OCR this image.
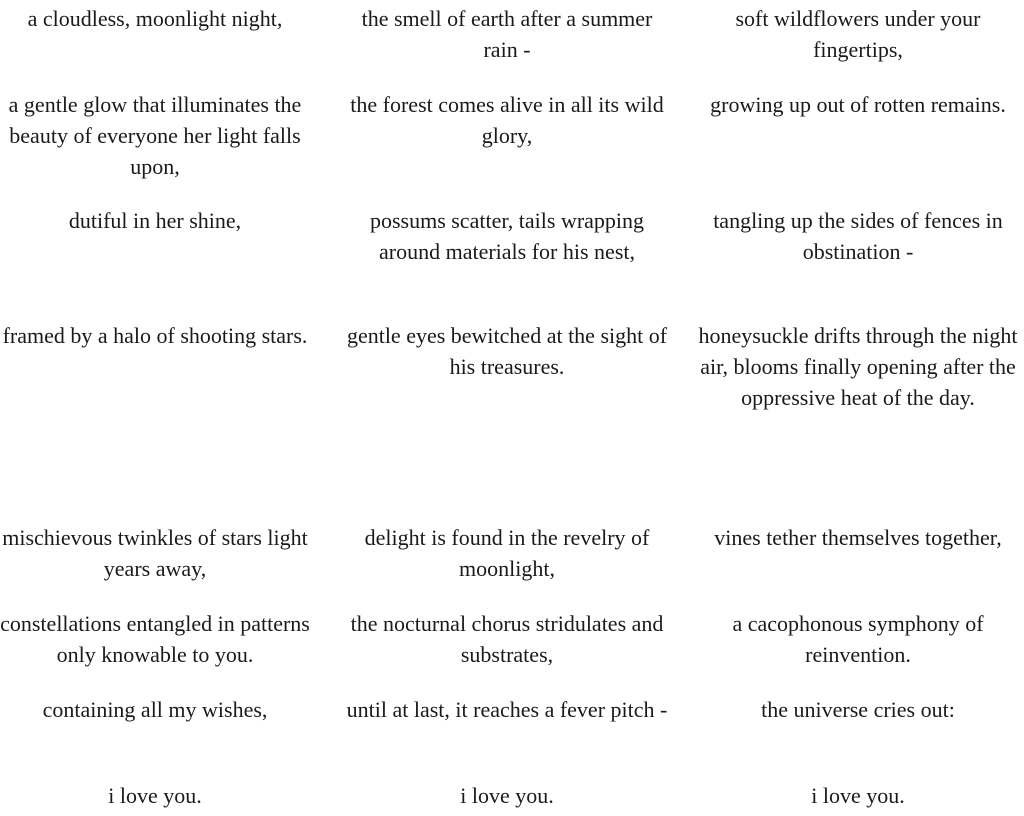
a cloudless, moonlight night,

a gentle glow that illuminates the beauty of everyone her light falls upon,

dutiful in her shine,

framed by a halo of shooting stars.

mischievous twinkles of stars light years away,

constellations entangled in patterns only knowable to you.

containing all my wishes,

i love you.

the smell of earth after a summer rain -

the forest comes alive in all its wild glory,

possums scatter, tails wrapping around materials for his nest,

gentle eyes bewitched at the sight of his treasures.

delight is found in the revelry of moonlight,

the nocturnal chorus stridulates and substrates,

until at last, it reaches a fever pitch -

i love you.

soft wildflowers under your fingertips,

growing up out of rotten remains.

tangling up the sides of fences in obstination -

honeysuckle drifts through the night air, blooms finally opening after the oppressive heat of the day.

vines tether themselves together,

a cacophonous symphony of reinvention.

the universe cries out:

i love you.
